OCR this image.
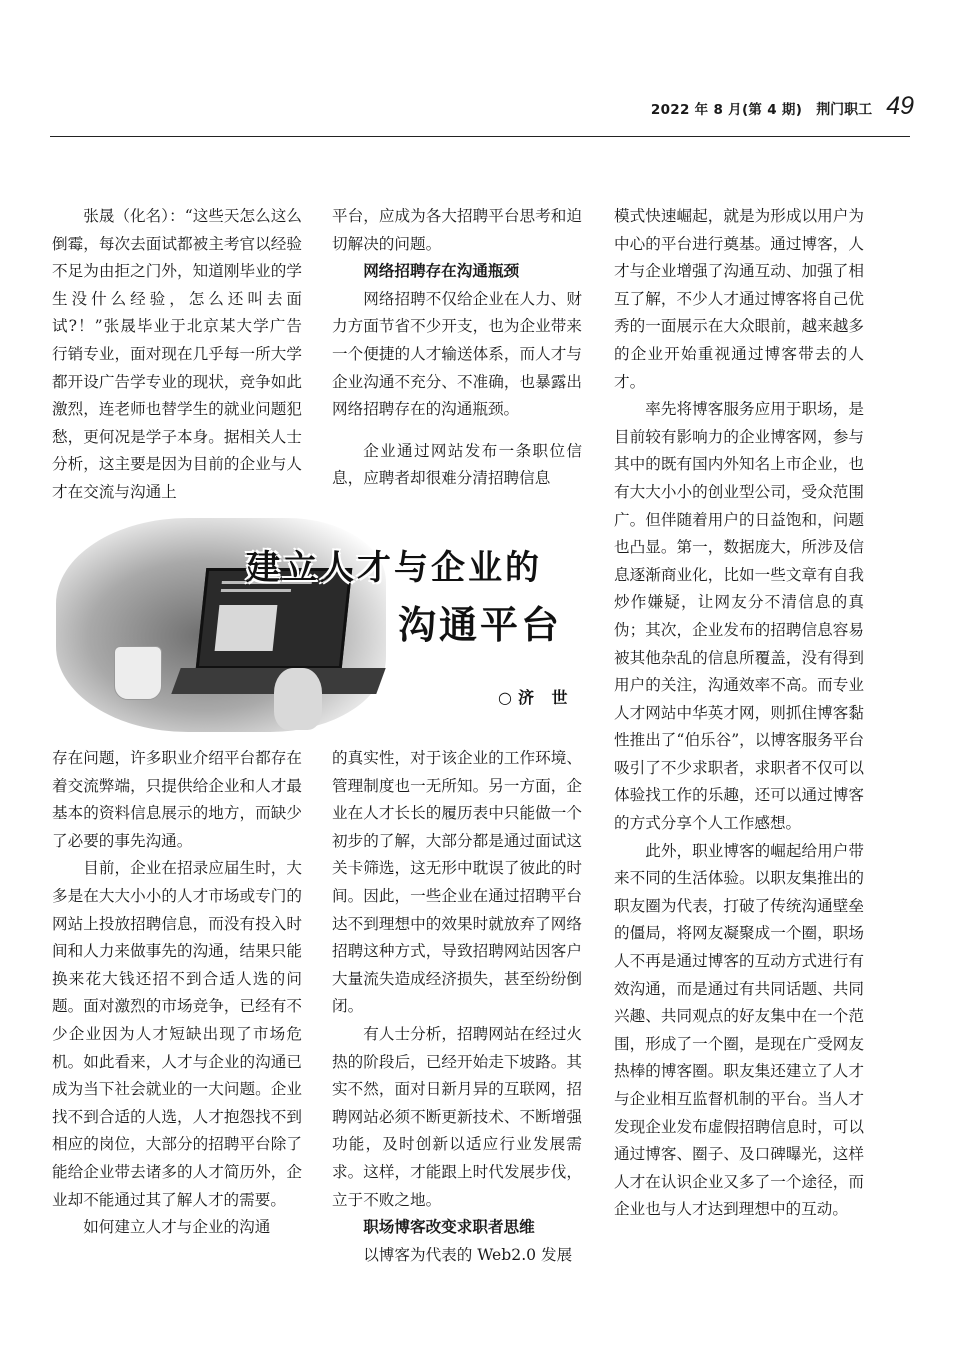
2022 年 8 月(第 4 期) 荆门职工 49

张晟（化名）：“这些天怎么这么倒霉，每次去面试都被主考官以经验不足为由拒之门外，知道刚毕业的学生没什么经验，怎么还叫去面试?！”张晟毕业于北京某大学广告行销专业，面对现在几乎每一所大学都开设广告学专业的现状，竞争如此激烈，连老师也替学生的就业问题犯愁，更何况是学子本身。据相关人士分析，这主要是因为目前的企业与人才在交流与沟通上

平台，应成为各大招聘平台思考和迫切解决的问题。

网络招聘存在沟通瓶颈

网络招聘不仅给企业在人力、财力方面节省不少开支，也为企业带来一个便捷的人才输送体系，而人才与企业沟通不充分、不准确，也暴露出网络招聘存在的沟通瓶颈。

企业通过网站发布一条职位信息，应聘者却很难分清招聘信息

建立人才与企业的
沟通平台
○济 世

存在问题，许多职业介绍平台都存在着交流弊端，只提供给企业和人才最基本的资料信息展示的地方，而缺少了必要的事先沟通。

目前，企业在招录应届生时，大多是在大大小小的人才市场或专门的网站上投放招聘信息，而没有投入时间和人力来做事先的沟通，结果只能换来花大钱还招不到合适人选的问题。面对激烈的市场竞争，已经有不少企业因为人才短缺出现了市场危机。如此看来，人才与企业的沟通已成为当下社会就业的一大问题。企业找不到合适的人选，人才抱怨找不到相应的岗位，大部分的招聘平台除了能给企业带去诸多的人才简历外，企业却不能通过其了解人才的需要。

如何建立人才与企业的沟通

的真实性，对于该企业的工作环境、管理制度也一无所知。另一方面，企业在人才长长的履历表中只能做一个初步的了解，大部分都是通过面试这关卡筛选，这无形中耽误了彼此的时间。因此，一些企业在通过招聘平台达不到理想中的效果时就放弃了网络招聘这种方式，导致招聘网站因客户大量流失造成经济损失，甚至纷纷倒闭。

有人士分析，招聘网站在经过火热的阶段后，已经开始走下坡路。其实不然，面对日新月异的互联网，招聘网站必须不断更新技术、不断增强功能，及时创新以适应行业发展需求。这样，才能跟上时代发展步伐，立于不败之地。

职场博客改变求职者思维

以博客为代表的 Web2.0 发展

模式快速崛起，就是为形成以用户为中心的平台进行奠基。通过博客，人才与企业增强了沟通互动、加强了相互了解，不少人才通过博客将自己优秀的一面展示在大众眼前，越来越多的企业开始重视通过博客带去的人才。

率先将博客服务应用于职场，是目前较有影响力的企业博客网，参与其中的既有国内外知名上市企业，也有大大小小的创业型公司，受众范围广。但伴随着用户的日益饱和，问题也凸显。第一，数据庞大，所涉及信息逐渐商业化，比如一些文章有自我炒作嫌疑，让网友分不清信息的真伪；其次，企业发布的招聘信息容易被其他杂乱的信息所覆盖，没有得到用户的关注，沟通效率不高。而专业人才网站中华英才网，则抓住博客黏性推出了“伯乐谷”，以博客服务平台吸引了不少求职者，求职者不仅可以体验找工作的乐趣，还可以通过博客的方式分享个人工作感想。

此外，职业博客的崛起给用户带来不同的生活体验。以职友集推出的职友圈为代表，打破了传统沟通壁垒的僵局，将网友凝聚成一个圈，职场人不再是通过博客的互动方式进行有效沟通，而是通过有共同话题、共同兴趣、共同观点的好友集中在一个范围，形成了一个圈，是现在广受网友热棒的博客圈。职友集还建立了人才与企业相互监督机制的平台。当人才发现企业发布虚假招聘信息时，可以通过博客、圈子、及口碑曝光，这样人才在认识企业又多了一个途径，而企业也与人才达到理想中的互动。
